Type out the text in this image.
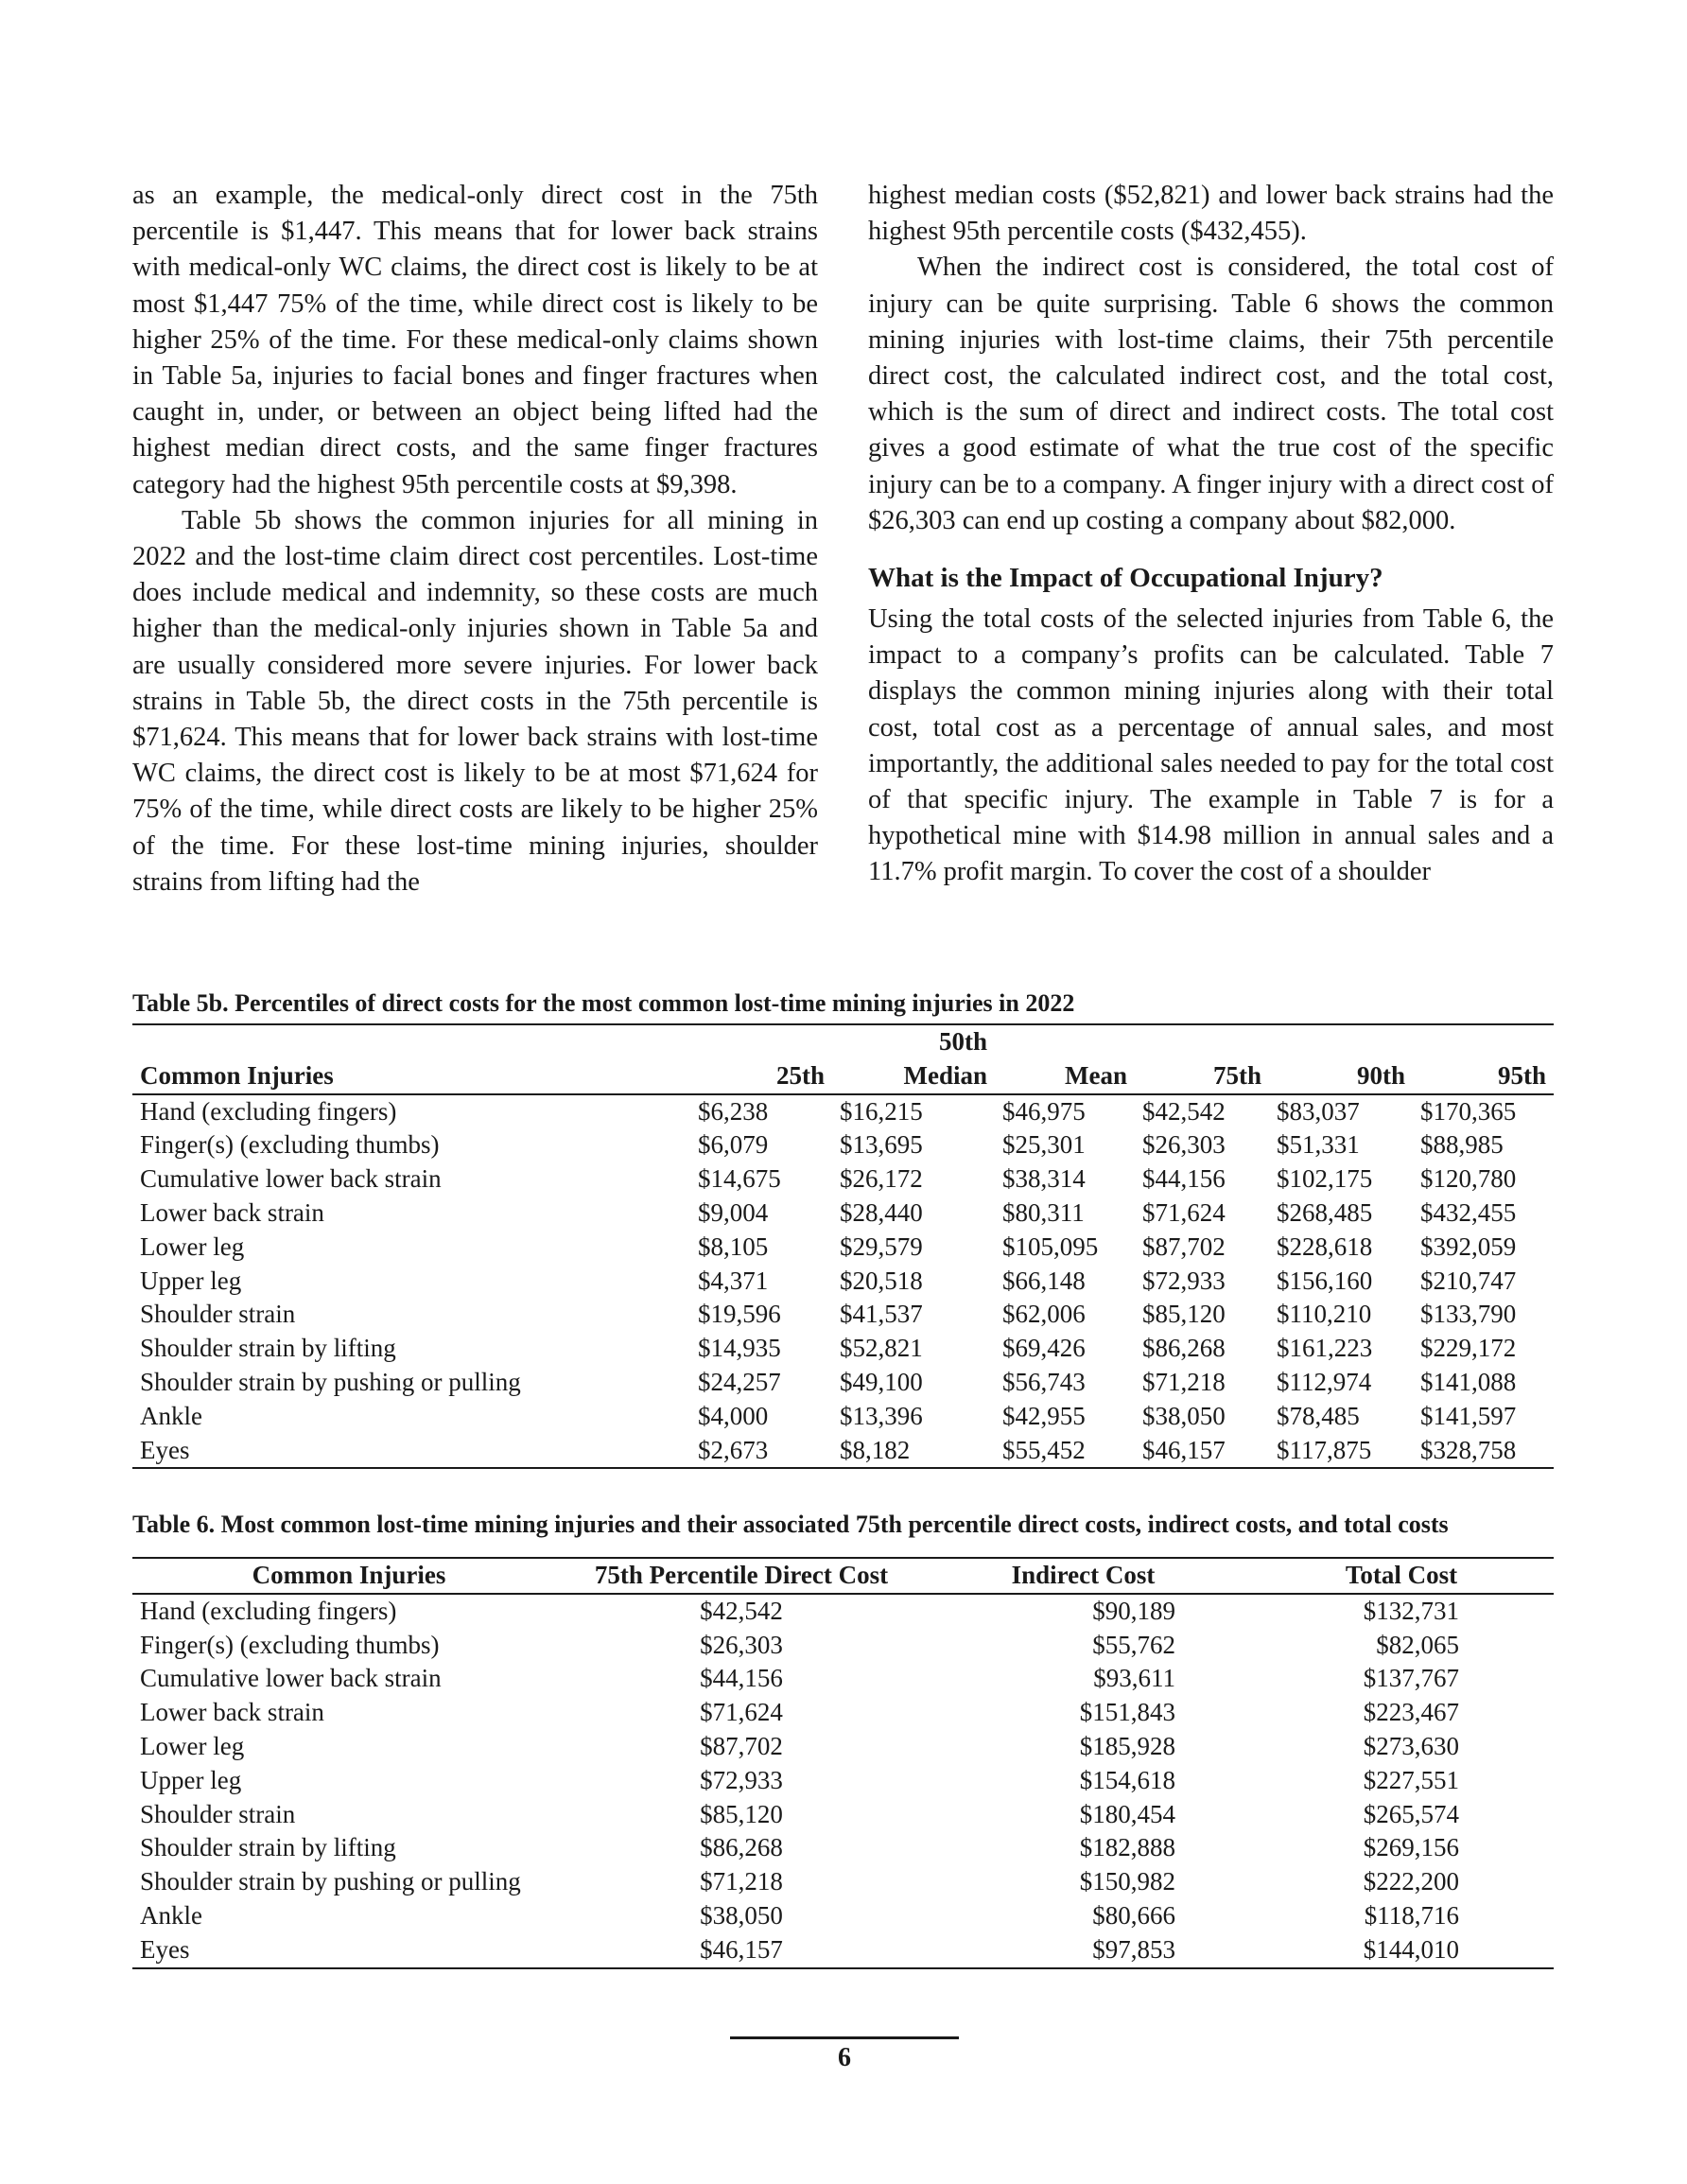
as an example, the medical-only direct cost in the 75th percentile is $1,447. This means that for lower back strains with medical-only WC claims, the direct cost is likely to be at most $1,447 75% of the time, while direct cost is likely to be higher 25% of the time. For these medical-only claims shown in Table 5a, injuries to facial bones and finger fractures when caught in, under, or between an object being lifted had the highest median direct costs, and the same finger fractures category had the highest 95th percentile costs at $9,398.

Table 5b shows the common injuries for all mining in 2022 and the lost-time claim direct cost percentiles. Lost-time does include medical and indemnity, so these costs are much higher than the medical-only injuries shown in Table 5a and are usually considered more severe injuries. For lower back strains in Table 5b, the direct costs in the 75th percentile is $71,624. This means that for lower back strains with lost-time WC claims, the direct cost is likely to be at most $71,624 for 75% of the time, while direct costs are likely to be higher 25% of the time. For these lost-time mining injuries, shoulder strains from lifting had the

highest median costs ($52,821) and lower back strains had the highest 95th percentile costs ($432,455).

When the indirect cost is considered, the total cost of injury can be quite surprising. Table 6 shows the common mining injuries with lost-time claims, their 75th percentile direct cost, the calculated indirect cost, and the total cost, which is the sum of direct and indirect costs. The total cost gives a good estimate of what the true cost of the specific injury can be to a company. A finger injury with a direct cost of $26,303 can end up costing a company about $82,000.

What is the Impact of Occupational Injury?

Using the total costs of the selected injuries from Table 6, the impact to a company’s profits can be calculated. Table 7 displays the common mining injuries along with their total cost, total cost as a percentage of annual sales, and most importantly, the additional sales needed to pay for the total cost of that specific injury. The example in Table 7 is for a hypothetical mine with $14.98 million in annual sales and a 11.7% profit margin. To cover the cost of a shoulder

Table 5b. Percentiles of direct costs for the most common lost-time mining injuries in 2022
		50th				
Common Injuries	25th	Median	Mean	75th	90th	95th
Hand (excluding fingers)	$6,238	$16,215	$46,975	$42,542	$83,037	$170,365
Finger(s) (excluding thumbs)	$6,079	$13,695	$25,301	$26,303	$51,331	$88,985
Cumulative lower back strain	$14,675	$26,172	$38,314	$44,156	$102,175	$120,780
Lower back strain	$9,004	$28,440	$80,311	$71,624	$268,485	$432,455
Lower leg	$8,105	$29,579	$105,095	$87,702	$228,618	$392,059
Upper leg	$4,371	$20,518	$66,148	$72,933	$156,160	$210,747
Shoulder strain	$19,596	$41,537	$62,006	$85,120	$110,210	$133,790
Shoulder strain by lifting	$14,935	$52,821	$69,426	$86,268	$161,223	$229,172
Shoulder strain by pushing or pulling	$24,257	$49,100	$56,743	$71,218	$112,974	$141,088
Ankle	$4,000	$13,396	$42,955	$38,050	$78,485	$141,597
Eyes	$2,673	$8,182	$55,452	$46,157	$117,875	$328,758
Table 6. Most common lost-time mining injuries and their associated 75th percentile direct costs, indirect costs, and total costs
Common Injuries	75th Percentile Direct Cost	Indirect Cost	Total Cost
Hand (excluding fingers)	$42,542	$90,189	$132,731
Finger(s) (excluding thumbs)	$26,303	$55,762	$82,065
Cumulative lower back strain	$44,156	$93,611	$137,767
Lower back strain	$71,624	$151,843	$223,467
Lower leg	$87,702	$185,928	$273,630
Upper leg	$72,933	$154,618	$227,551
Shoulder strain	$85,120	$180,454	$265,574
Shoulder strain by lifting	$86,268	$182,888	$269,156
Shoulder strain by pushing or pulling	$71,218	$150,982	$222,200
Ankle	$38,050	$80,666	$118,716
Eyes	$46,157	$97,853	$144,010
6
